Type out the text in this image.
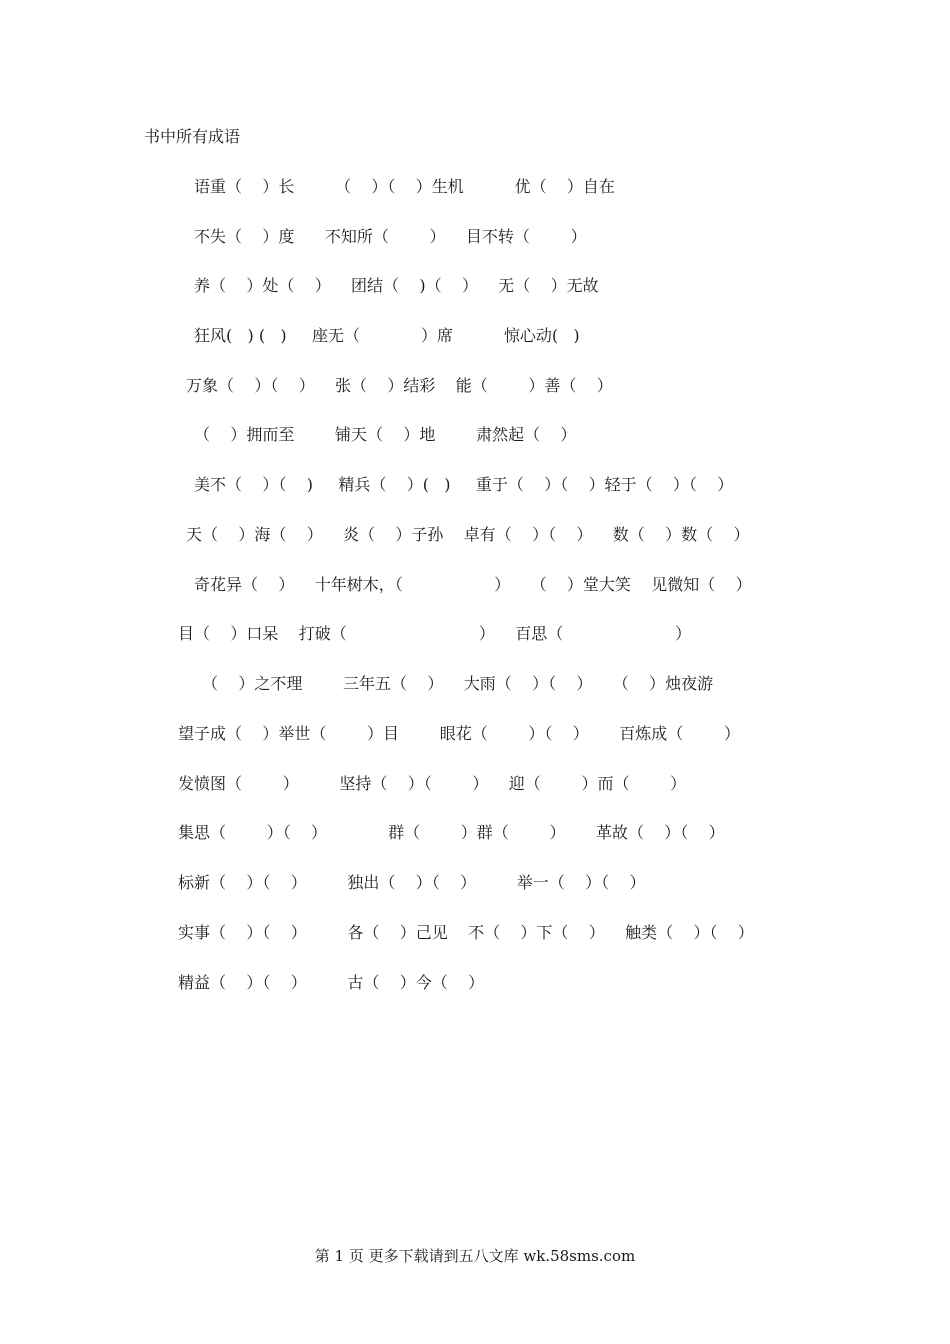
书中所有成语
语重（    ）长        （    ）（    ）生机          优（    ）自在
不失（    ）度      不知所（        ）    目不转（        ）
养（    ）处（    ）    团结（    )（    ）    无（    ）无故
狂风(   ) (   )     座无（            ）席          惊心动(   )
万象（    ）（    ）    张（    ）结彩    能（        ）善（    ）
（    ）拥而至        铺天（    ）地        肃然起（    ）
美不（    ）（    )     精兵（    ）(   )     重于（    ）（    ）轻于（    ）（    ）
天（    ）海（    ）    炎（    ）子孙    卓有（    ）（    ）    数（    ）数（    ）
奇花异（    ）    十年树木，（                  ）    （    ）堂大笑    见微知（    ）
目（    ）口呆    打破（                          ）    百思（                      ）
（    ）之不理        三年五（    ）    大雨（    ）（    ）    （    ）烛夜游
望子成（    ）举世（        ）目        眼花（        ）（    ）      百炼成（        ）
发愤图（        ）        坚持（    ）（        ）    迎（        ）而（        ）
集思（        ）（    ）            群（        ）群（        ）      革故（    ）（    ）
标新（    ）（    ）        独出（    ）（    ）        举一（    ）（    ）
实事（    ）（    ）        各（    ）己见    不（    ）下（    ）    触类（    ）（    ）
精益（    ）（    ）        古（    ）今（    ）
第 1 页 更多下载请到五八文库 wk.58sms.com
